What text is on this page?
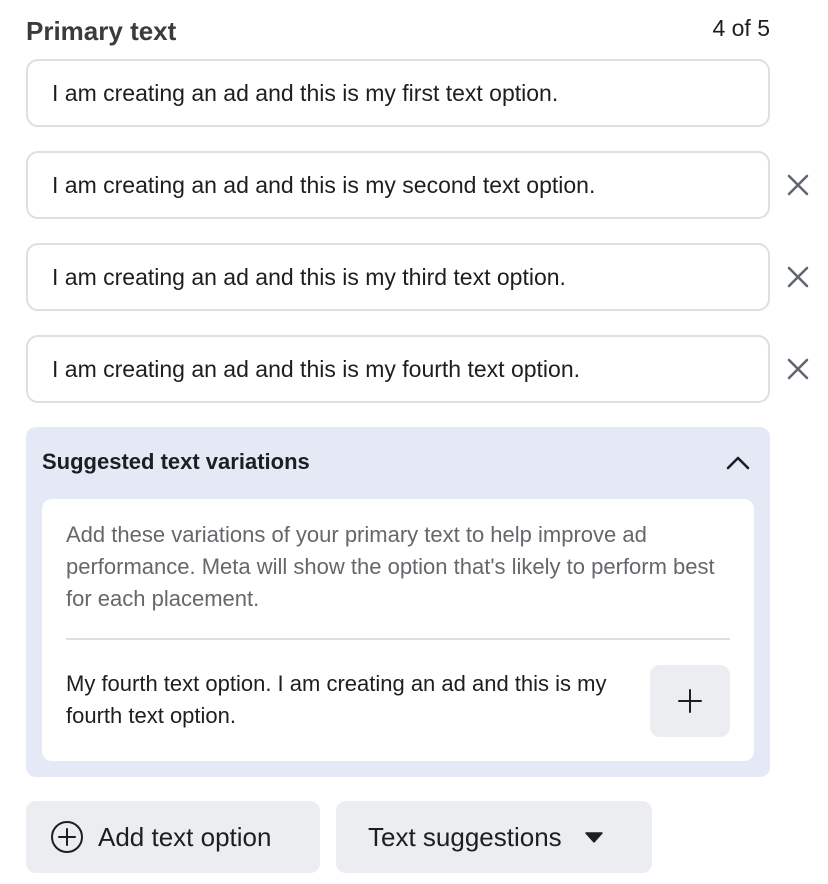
Primary text	4 of 5
I am creating an ad and this is my first text option.
I am creating an ad and this is my second text option.
I am creating an ad and this is my third text option.
I am creating an ad and this is my fourth text option.
Suggested text variations
Add these variations of your primary text to help improve ad performance. Meta will show the option that's likely to perform best for each placement.
My fourth text option. I am creating an ad and this is my fourth text option.
Add text option	Text suggestions
